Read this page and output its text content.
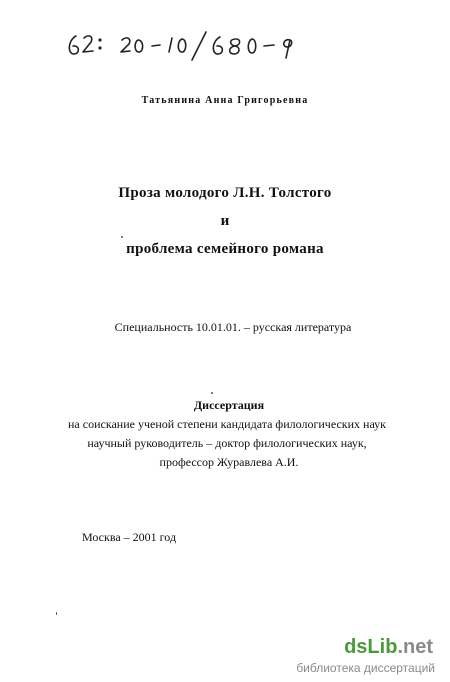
Татьянина Анна Григорьевна
Проза молодого Л.Н. Толстого
и
проблема семейного романа
Специальность 10.01.01. – русская литература
Диссертация
на соискание ученой степени кандидата филологических наук
научный руководитель – доктор филологических наук,
профессор Журавлева А.И.
Москва – 2001 год
dsLib.net
библиотека диссертаций
